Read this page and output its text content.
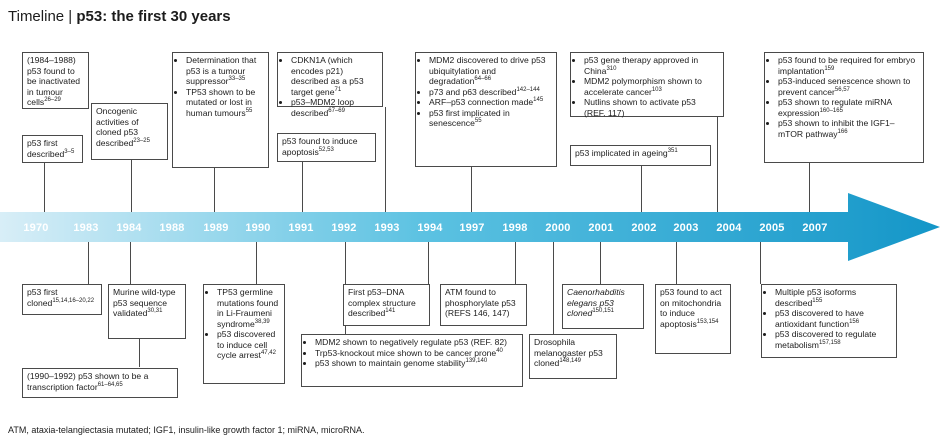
Timeline | p53: the first 30 years
1970	1983	1984	1988	1989	1990	1991	1992	1993	1994	1997	1998	2000	2001	2002	2003	2004	2005	2007
(1984–1988) p53 found to be inactivated in tumour cells$^{26-29}$
p53 first described$^{3-5}$
Oncogenic activities of cloned p53 described$^{23-25}$
• Determination that p53 is a tumour suppressor$^{33-35}$
• TP53 shown to be mutated or lost in human tumours$^{55}$
• CDKN1A (which encodes p21) described as a p53 target gene$^{71}$
• p53–MDM2 loop described$^{67-69}$
p53 found to induce apoptosis$^{52,53}$
• MDM2 discovered to drive p53 ubiquitylation and degradation$^{64-66}$
• p73 and p63 described$^{142-144}$
• ARF–p53 connection made$^{145}$
• p53 first implicated in senescence$^{55}$
• p53 gene therapy approved in China$^{310}$
• MDM2 polymorphism shown to accelerate cancer$^{103}$
• Nutlins shown to activate p53 (REF. 117)
p53 implicated in ageing$^{351}$
• p53 found to be required for embryo implantation$^{159}$
• p53-induced senescence shown to prevent cancer$^{56,57}$
• p53 shown to regulate miRNA expression$^{160-165}$
• p53 shown to inhibit the IGF1–mTOR pathway$^{166}$
p53 first cloned$^{15,14,16-20,22}$
Murine wild-type p53 sequence validated$^{30,31}$
• TP53 germline mutations found in Li-Fraumeni syndrome$^{38,39}$
• p53 discovered to induce cell cycle arrest$^{47,42}$
(1990–1992) p53 shown to be a transcription factor$^{61-64,65}$
First p53–DNA complex structure described$^{141}$
• MDM2 shown to negatively regulate p53 (REF. 82)
• Trp53-knockout mice shown to be cancer prone$^{40}$
• p53 shown to maintain genome stability$^{139,140}$
ATM found to phosphorylate p53 (REFS 146, 147)
Caenorhabditis elegans p53 cloned$^{150,151}$
Drosophila melanogaster p53 cloned$^{148,149}$
p53 found to act on mitochondria to induce apoptosis$^{153,154}$
• Multiple p53 isoforms described$^{155}$
• p53 discovered to have antioxidant function$^{156}$
• p53 discovered to regulate metabolism$^{157,158}$
ATM, ataxia-telangiectasia mutated; IGF1, insulin-like growth factor 1; miRNA, microRNA.
